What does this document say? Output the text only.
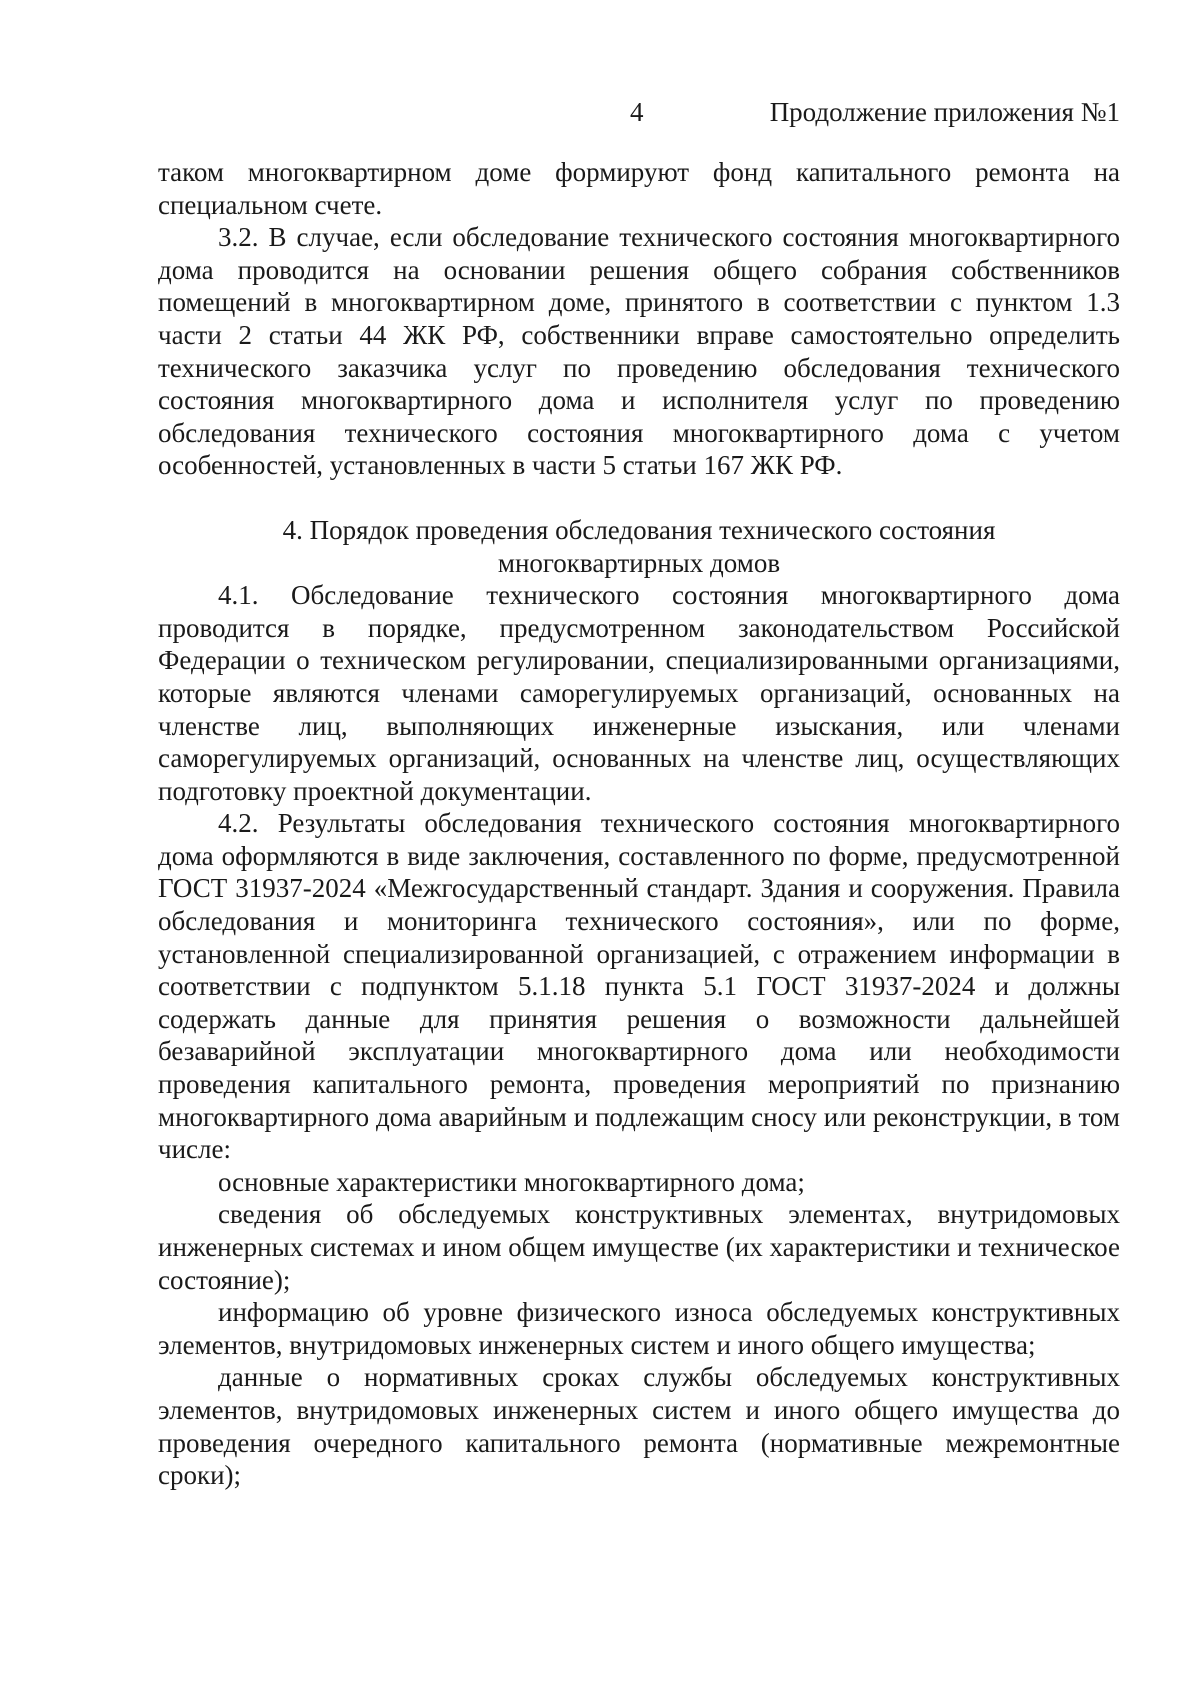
4	Продолжение приложения №1

таком многоквартирном доме формируют фонд капитального ремонта на специальном счете.

3.2. В случае, если обследование технического состояния многоквартирного дома проводится на основании решения общего собрания собственников помещений в многоквартирном доме, принятого в соответствии с пунктом 1.3 части 2 статьи 44 ЖК РФ, собственники вправе самостоятельно определить технического заказчика услуг по проведению обследования технического состояния многоквартирного дома и исполнителя услуг по проведению обследования технического состояния многоквартирного дома с учетом особенностей, установленных в части 5 статьи 167 ЖК РФ.

4. Порядок проведения обследования технического состояния
многоквартирных домов

4.1. Обследование технического состояния многоквартирного дома проводится в порядке, предусмотренном законодательством Российской Федерации о техническом регулировании, специализированными организациями, которые являются членами саморегулируемых организаций, основанных на членстве лиц, выполняющих инженерные изыскания, или членами саморегулируемых организаций, основанных на членстве лиц, осуществляющих подготовку проектной документации.

4.2. Результаты обследования технического состояния многоквартирного дома оформляются в виде заключения, составленного по форме, предусмотренной ГОСТ 31937-2024 «Межгосударственный стандарт. Здания и сооружения. Правила обследования и мониторинга технического состояния», или по форме, установленной специализированной организацией, с отражением информации в соответствии с подпунктом 5.1.18 пункта 5.1 ГОСТ 31937-2024 и должны содержать данные для принятия решения о возможности дальнейшей безаварийной эксплуатации многоквартирного дома или необходимости проведения капитального ремонта, проведения мероприятий по признанию многоквартирного дома аварийным и подлежащим сносу или реконструкции, в том числе:

основные характеристики многоквартирного дома;

сведения об обследуемых конструктивных элементах, внутридомовых инженерных системах и ином общем имуществе (их характеристики и техническое состояние);

информацию об уровне физического износа обследуемых конструктивных элементов, внутридомовых инженерных систем и иного общего имущества;

данные о нормативных сроках службы обследуемых конструктивных элементов, внутридомовых инженерных систем и иного общего имущества до проведения очередного капитального ремонта (нормативные межремонтные сроки);
